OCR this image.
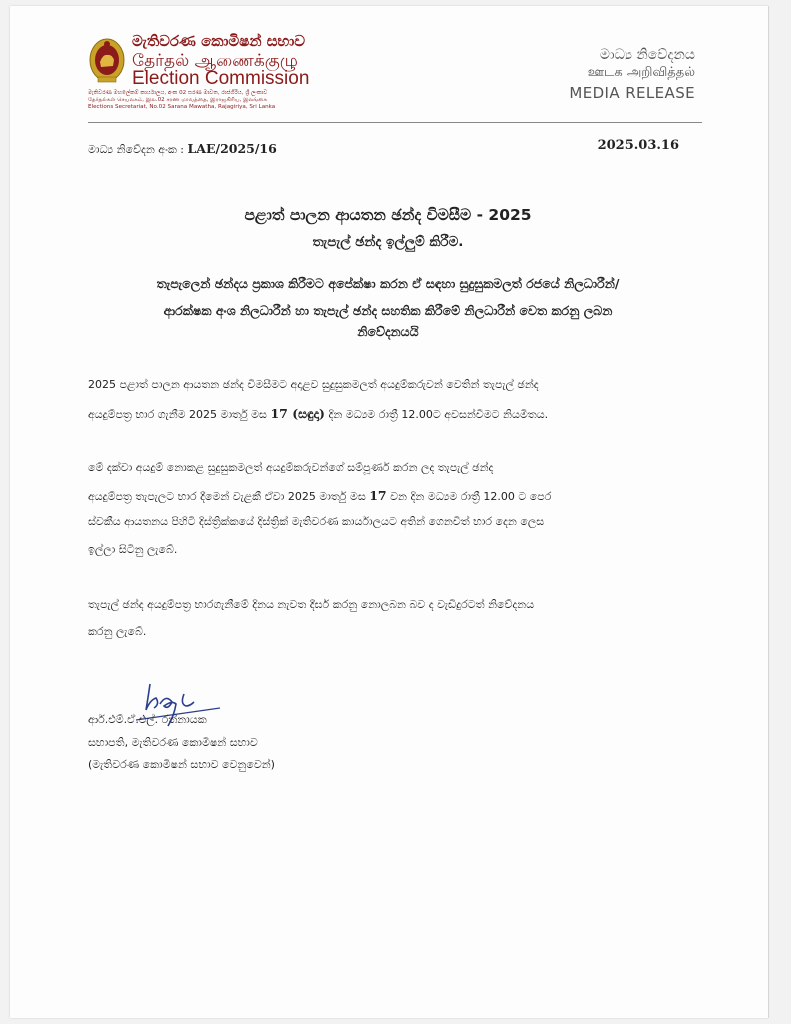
මැතිවරණ කොමිෂන් සභාව
தேர்தல் ஆணைக்குழு
Election Commission
මැතිවරණ මහලේකම් කාර්යාලය, අංක 02 සරණ මාවත, රාජගිරිය, ශ්‍රී ලංකාව
தேர்தல்கள் செயலகம், இல.02 சரண மாவத்தை, இராஜகிரிய, இலங்கை
Elections Secretariat, No.02 Sarana Mawatha, Rajagiriya, Sri Lanka
මාධ්‍ය නිවේදනය
ஊடக அறிவித்தல்
MEDIA RELEASE
මාධ්‍ය නිවේදන අංක : LAE/2025/16	2025.03.16
පළාත් පාලන ආයතන ඡන්ද විමසීම - 2025
තැපැල් ඡන්ද ඉල්ලුම් කිරීම.
තැපැලෙන් ඡන්දය ප්‍රකාශ කිරීමට අපේක්ෂා කරන ඒ සඳහා සුදුසුකමලත් රජයේ නිලධාරීන්/
ආරක්ෂක අංශ නිලධාරීන් හා තැපැල් ඡන්ද සහතික කිරීමේ නිලධාරීන් වෙත කරනු ලබන
නිවේදනයයි
2025 පළාත් පාලන ආයතන ඡන්ද විමසීමට අදාළව සුදුසුකමලත් අයදුම්කරුවන් වෙතින් තැපැල් ඡන්ද
අයදුම්පත්‍ර භාර ගැනීම 2025 මාර්තු මස 17 (සඳුදා) දින මධ්‍යම රාත්‍රී 12.00ට අවසන්වීමට නියමිතය.
මේ දක්වා අයදුම් නොකළ සුදුසුකමලත් අයදුම්කරුවන්ගේ සම්පූර්ණ කරන ලද තැපැල් ඡන්ද
අයදුම්පත්‍ර තැපැලට භාර දීමෙන් වැළකී ඒවා 2025 මාර්තු මස 17 වන දින මධ්‍යම රාත්‍රී 12.00 ට පෙර
ස්වකීය ආයතනය පිහිටි දිස්ත්‍රික්කයේ දිස්ත්‍රික් මැතිවරණ කාර්යාලයට අතින් ගෙනවිත් භාර දෙන ලෙස
ඉල්ලා සිටිනු ලැබේ.
තැපැල් ඡන්ද අයදුම්පත්‍ර භාරගැනීමේ දිනය නැවත දීර්ඝ කරනු නොලබන බව ද වැඩිදුරටත් නිවේදනය
කරනු ලැබේ.
ආර්.එම්.ඒ.එල්. රත්නායක
සභාපති, මැතිවරණ කොමිෂන් සභාව
(මැතිවරණ කොමිෂන් සභාව වෙනුවෙන්)
